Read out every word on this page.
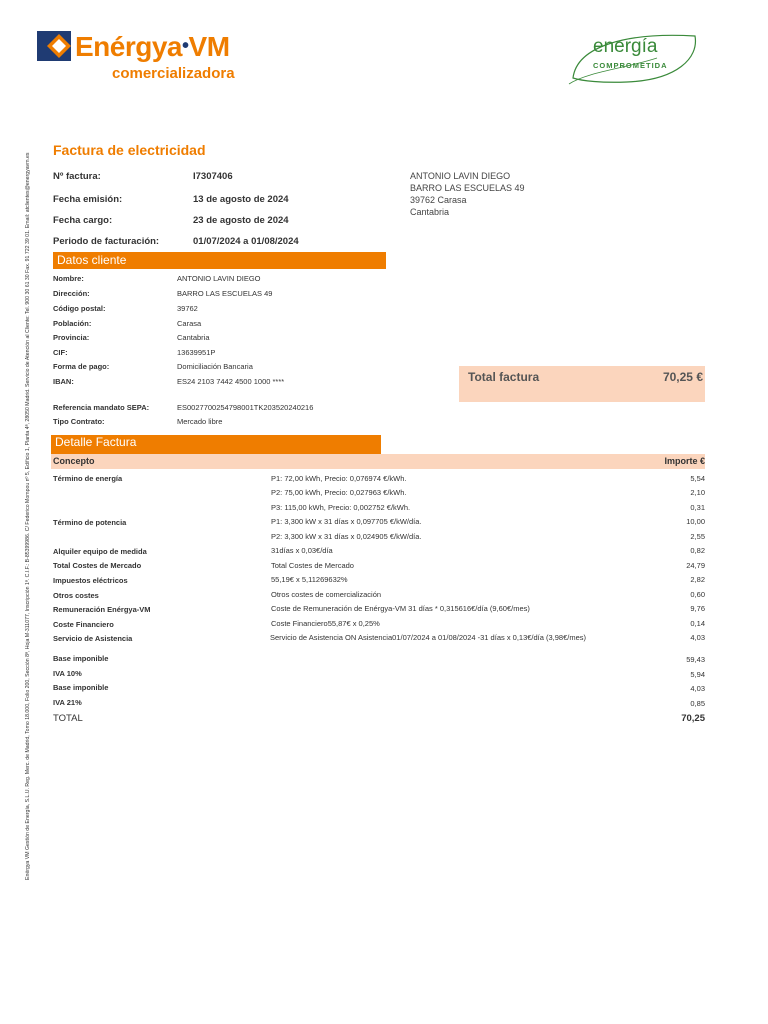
Enérgya•VM
comercializadora
energía
COMPROMETIDA
Enérgya VM Gestión de Energía, S.L.U. Reg. Merc. de Madrid, Tomo 18.000, Folio 200, Sección 8ª, Hoja M-311077, Inscripción 1ª. C.I.F.: B-85399986. C/ Federico Mompou nº 5, Edificio 1, Planta 4ª, 28050 Madrid. Servicio de Atención al Cliente: Tel. 900 30 61 30 Fax. 91 722 39 01. Email: atclientes@energyavm.es
Factura de electricidad
Nº factura:	I7307406
Fecha emisión:	13 de agosto de 2024
Fecha cargo:	23 de agosto de 2024
Periodo de facturación:	01/07/2024 a 01/08/2024
ANTONIO LAVIN DIEGO
BARRO LAS ESCUELAS 49
39762 Carasa
Cantabria
Datos cliente
Nombre:	ANTONIO LAVIN DIEGO
Dirección:	BARRO LAS ESCUELAS 49
Código postal:	39762
Población:	Carasa
Provincia:	Cantabria
CIF:	13639951P
Forma de pago:	Domiciliación Bancaria
IBAN:	ES24 2103 7442 4500 1000 ****
Referencia mandato SEPA:	ES0027700254798001TK203520240216
Tipo Contrato:	Mercado libre
Total factura	70,25 €
Detalle Factura
Concepto	Importe €
Término de energía	P1: 72,00 kWh, Precio: 0,076974 €/kWh.	5,54
P2: 75,00 kWh, Precio: 0,027963 €/kWh.	2,10
P3: 115,00 kWh, Precio: 0,002752 €/kWh.	0,31
Término de potencia	P1: 3,300 kW x 31 días x 0,097705 €/kW/día.	10,00
P2: 3,300 kW x 31 días x 0,024905 €/kW/día.	2,55
Alquiler equipo de medida	31días x 0,03€/día	0,82
Total Costes de Mercado	Total Costes de Mercado	24,79
Impuestos eléctricos	55,19€ x 5,11269632%	2,82
Otros costes	Otros costes de comercialización	0,60
Remuneración Enérgya-VM	Coste de Remuneración de Enérgya-VM 31 días * 0,315616€/día (9,60€/mes)	9,76
Coste Financiero	Coste Financiero55,87€ x 0,25%	0,14
Servicio de Asistencia	Servicio de Asistencia ON Asistencia01/07/2024 a 01/08/2024 -31 días x 0,13€/día (3,98€/mes)	4,03
Base imponible	59,43
IVA 10%	5,94
Base imponible	4,03
IVA 21%	0,85
TOTAL	70,25
